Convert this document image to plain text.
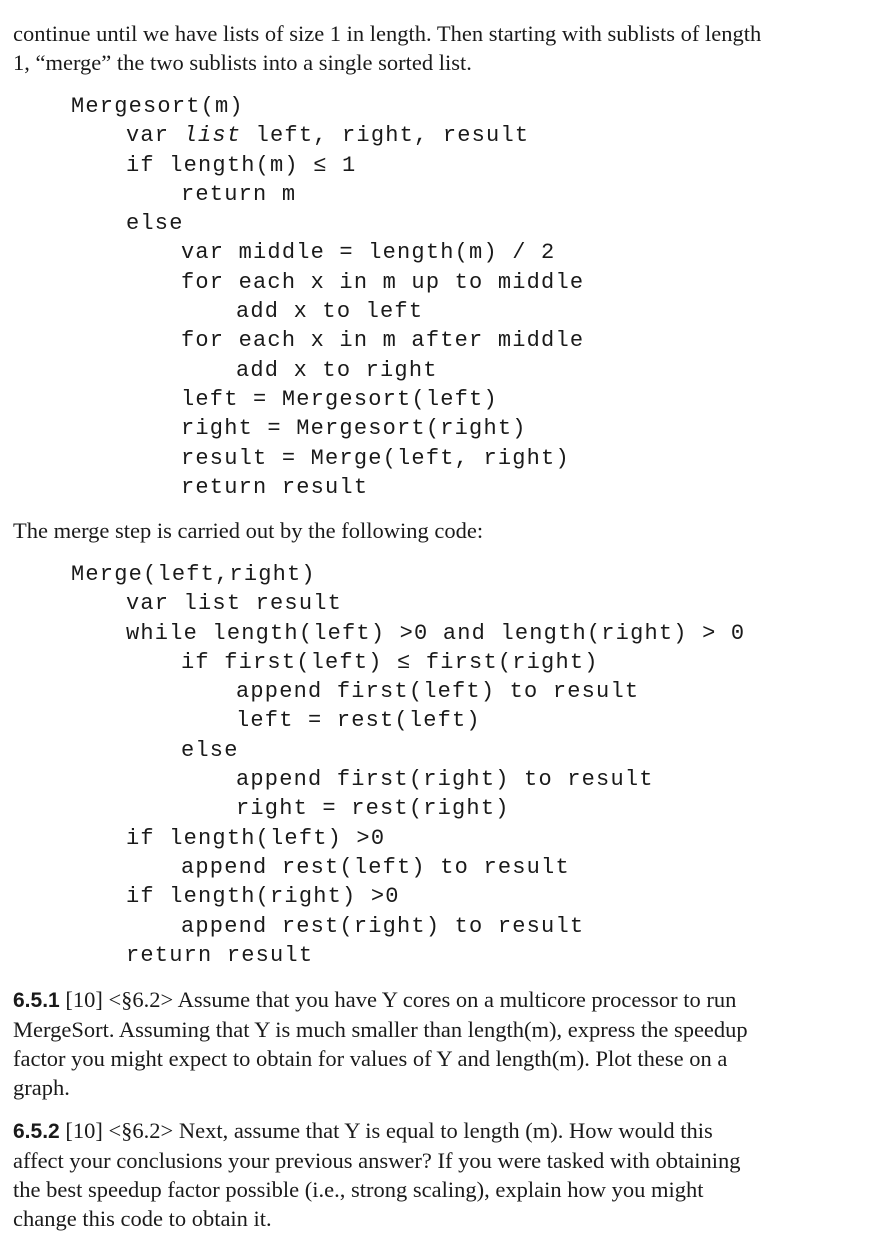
continue until we have lists of size 1 in length. Then starting with sublists of length
1, “merge” the two sublists into a single sorted list.

Mergesort(m)
var list left, right, result
if length(m) ≤ 1
return m
else
var middle = length(m) / 2
for each x in m up to middle
add x to left
for each x in m after middle
add x to right
left = Mergesort(left)
right = Mergesort(right)
result = Merge(left, right)
return result

The merge step is carried out by the following code:

Merge(left,right)
var list result
while length(left) >0 and length(right) > 0
if first(left) ≤ first(right)
append first(left) to result
left = rest(left)
else
append first(right) to result
right = rest(right)
if length(left) >0
append rest(left) to result
if length(right) >0
append rest(right) to result
return result

6.5.1 [10] <§6.2> Assume that you have Y cores on a multicore processor to run
MergeSort. Assuming that Y is much smaller than length(m), express the speedup
factor you might expect to obtain for values of Y and length(m). Plot these on a
graph.

6.5.2 [10] <§6.2> Next, assume that Y is equal to length (m). How would this
affect your conclusions your previous answer? If you were tasked with obtaining
the best speedup factor possible (i.e., strong scaling), explain how you might
change this code to obtain it.
